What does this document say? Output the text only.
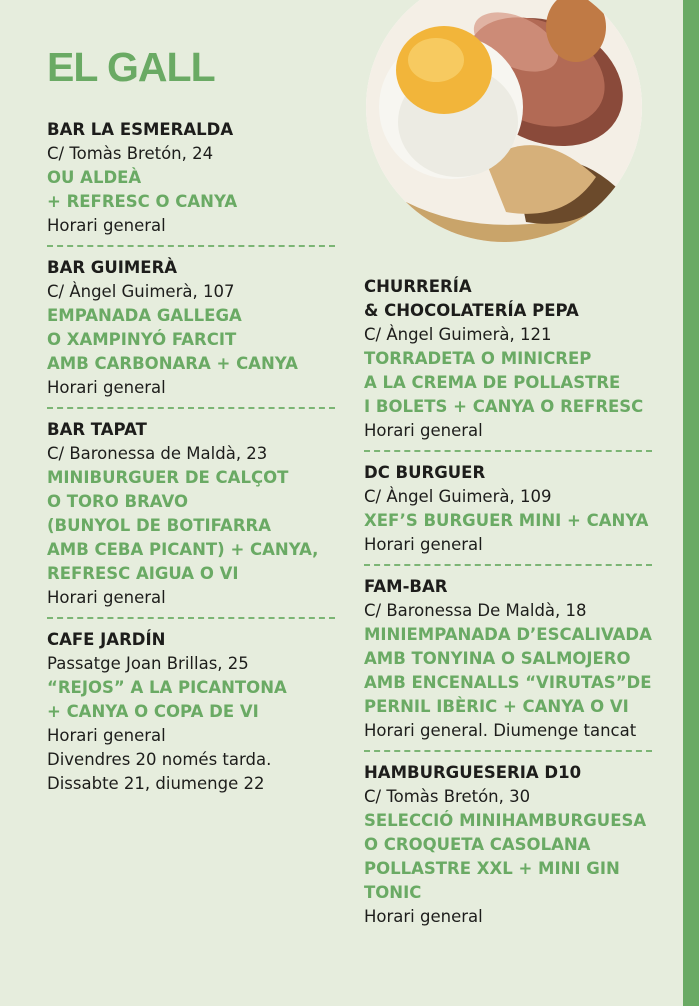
EL GALL
BAR LA ESMERALDA
C/ Tomàs Bretón, 24
OU ALDEÀ
+ REFRESC O CANYA
Horari general
BAR GUIMERÀ
C/ Àngel Guimerà, 107
EMPANADA GALLEGA
O XAMPINYÓ FARCIT
AMB CARBONARA + CANYA
Horari general
BAR TAPAT
C/ Baronessa de Maldà, 23
MINIBURGUER DE CALÇOT
O TORO BRAVO
(BUNYOL DE BOTIFARRA
AMB CEBA PICANT) + CANYA,
REFRESC AIGUA O VI
Horari general
CAFE JARDÍN
Passatge Joan Brillas, 25
“REJOS” A LA PICANTONA
+ CANYA O COPA DE VI
Horari general
Divendres 20 només tarda.
Dissabte 21, diumenge 22
CHURRERÍA
& CHOCOLATERÍA PEPA
C/ Àngel Guimerà, 121
TORRADETA O MINICREP
A LA CREMA DE POLLASTRE
I BOLETS + CANYA O REFRESC
Horari general
DC BURGUER
C/ Àngel Guimerà, 109
XEF’S BURGUER MINI + CANYA
Horari general
FAM-BAR
C/ Baronessa De Maldà, 18
MINIEMPANADA D’ESCALIVADA
AMB TONYINA O SALMOJERO
AMB ENCENALLS “VIRUTAS”DE
PERNIL IBÈRIC + CANYA O VI
Horari general. Diumenge tancat
HAMBURGUESERIA D10
C/ Tomàs Bretón, 30
SELECCIÓ MINIHAMBURGUESA
O CROQUETA CASOLANA
POLLASTRE XXL + MINI GIN
TONIC
Horari general
